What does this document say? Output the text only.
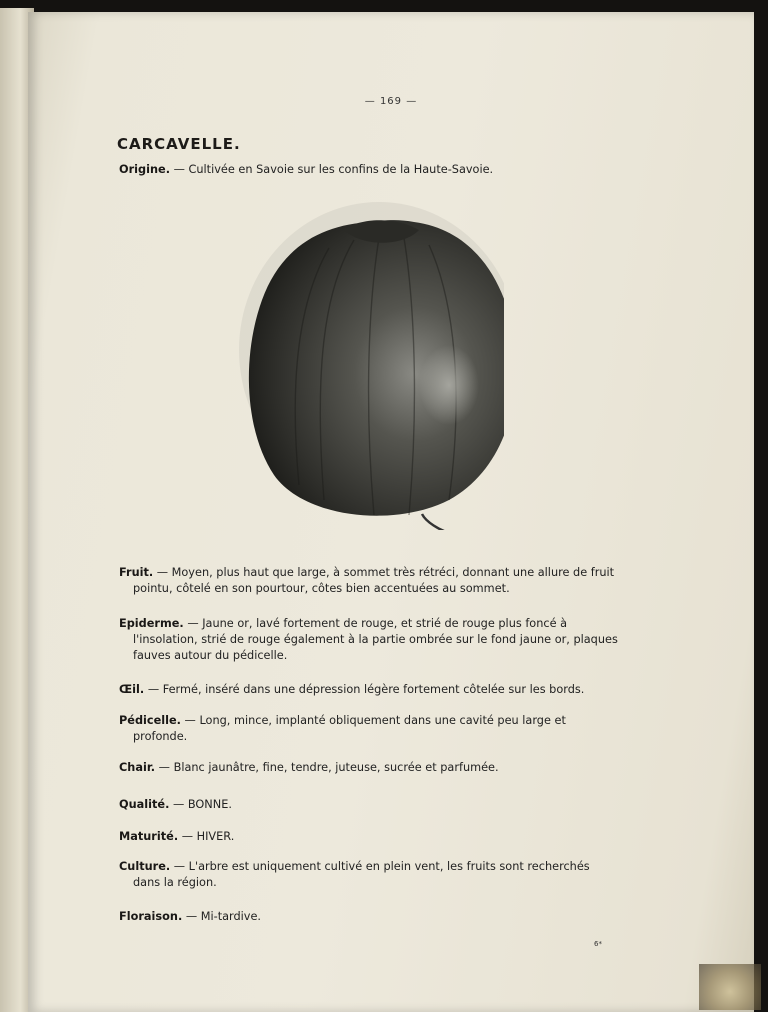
— 169 —
CARCAVELLE.

Origine. — Cultivée en Savoie sur les confins de la Haute-Savoie.

Fruit. — Moyen, plus haut que large, à sommet très rétréci, donnant une allure de fruit pointu, côtelé en son pourtour, côtes bien accentuées au sommet.

Epiderme. — Jaune or, lavé fortement de rouge, et strié de rouge plus foncé à l'insolation, strié de rouge également à la partie ombrée sur le fond jaune or, plaques fauves autour du pédicelle.

Œil. — Fermé, inséré dans une dépression légère fortement côtelée sur les bords.

Pédicelle. — Long, mince, implanté obliquement dans une cavité peu large et profonde.

Chair. — Blanc jaunâtre, fine, tendre, juteuse, sucrée et parfumée.

Qualité. — BONNE.

Maturité. — HIVER.

Culture. — L'arbre est uniquement cultivé en plein vent, les fruits sont recherchés dans la région.

Floraison. — Mi-tardive.

6*
